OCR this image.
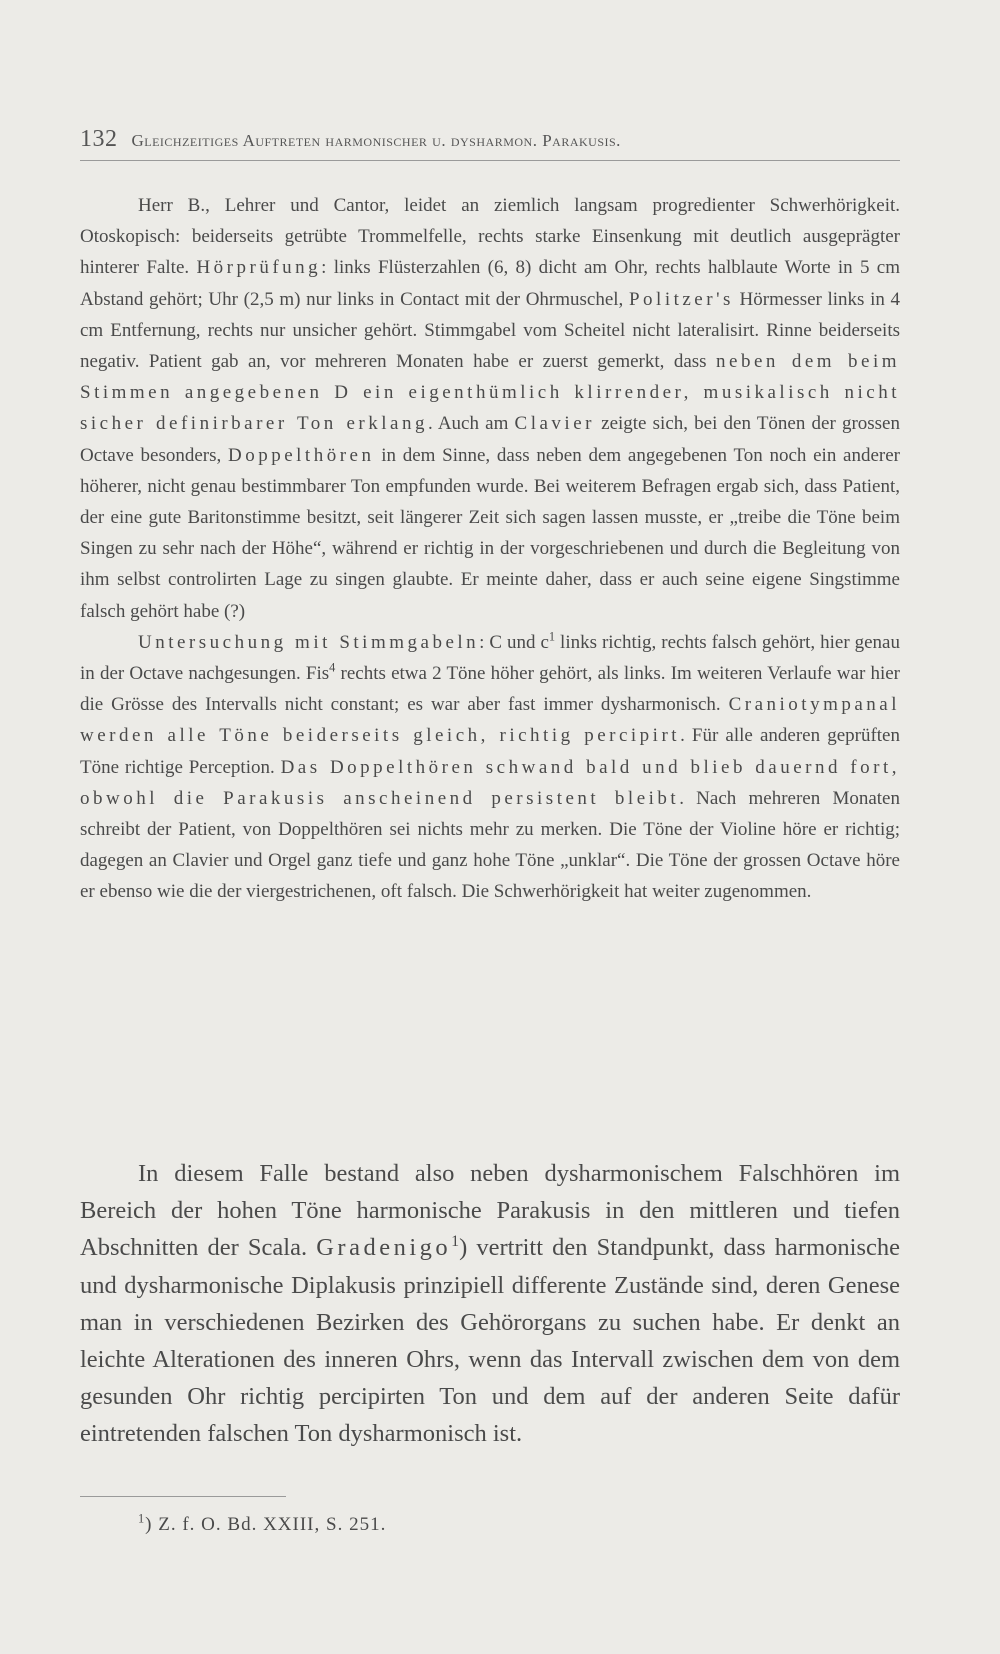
132 Gleichzeitiges Auftreten harmonischer u. dysharmon. Parakusis.

Herr B., Lehrer und Cantor, leidet an ziemlich langsam progredienter Schwerhörigkeit. Otoskopisch: beiderseits getrübte Trommelfelle, rechts starke Einsenkung mit deutlich ausgeprägter hinterer Falte. Hörprüfung: links Flüsterzahlen (6, 8) dicht am Ohr, rechts halblaute Worte in 5 cm Abstand gehört; Uhr (2,5 m) nur links in Contact mit der Ohrmuschel, Politzer's Hörmesser links in 4 cm Entfernung, rechts nur unsicher gehört. Stimmgabel vom Scheitel nicht lateralisirt. Rinne beiderseits negativ. Patient gab an, vor mehreren Monaten habe er zuerst gemerkt, dass neben dem beim Stimmen angegebenen D ein eigenthümlich klirrender, musikalisch nicht sicher definirbarer Ton erklang. Auch am Clavier zeigte sich, bei den Tönen der grossen Octave besonders, Doppelthören in dem Sinne, dass neben dem angegebenen Ton noch ein anderer höherer, nicht genau bestimmbarer Ton empfunden wurde. Bei weiterem Befragen ergab sich, dass Patient, der eine gute Baritonstimme besitzt, seit längerer Zeit sich sagen lassen musste, er „treibe die Töne beim Singen zu sehr nach der Höhe“, während er richtig in der vorgeschriebenen und durch die Begleitung von ihm selbst controlirten Lage zu singen glaubte. Er meinte daher, dass er auch seine eigene Singstimme falsch gehört habe (?)

Untersuchung mit Stimmgabeln: C und $c^1$ links richtig, rechts falsch gehört, hier genau in der Octave nachgesungen. Fis$^4$ rechts etwa 2 Töne höher gehört, als links. Im weiteren Verlaufe war hier die Grösse des Intervalls nicht constant; es war aber fast immer dysharmonisch. Craniotympanal werden alle Töne beiderseits gleich, richtig percipirt. Für alle anderen geprüften Töne richtige Perception. Das Doppelthören schwand bald und blieb dauernd fort, obwohl die Parakusis anscheinend persistent bleibt. Nach mehreren Monaten schreibt der Patient, von Doppelthören sei nichts mehr zu merken. Die Töne der Violine höre er richtig; dagegen an Clavier und Orgel ganz tiefe und ganz hohe Töne „unklar“. Die Töne der grossen Octave höre er ebenso wie die der viergestrichenen, oft falsch. Die Schwerhörigkeit hat weiter zugenommen.

In diesem Falle bestand also neben dysharmonischem Falschhören im Bereich der hohen Töne harmonische Parakusis in den mittleren und tiefen Abschnitten der Scala. Gradenigo$^1$) vertritt den Standpunkt, dass harmonische und dysharmonische Diplakusis prinzipiell differente Zustände sind, deren Genese man in verschiedenen Bezirken des Gehörorgans zu suchen habe. Er denkt an leichte Alterationen des inneren Ohrs, wenn das Intervall zwischen dem von dem gesunden Ohr richtig percipirten Ton und dem auf der anderen Seite dafür eintretenden falschen Ton dysharmonisch ist.

$^1$) Z. f. O. Bd. XXIII, S. 251.
